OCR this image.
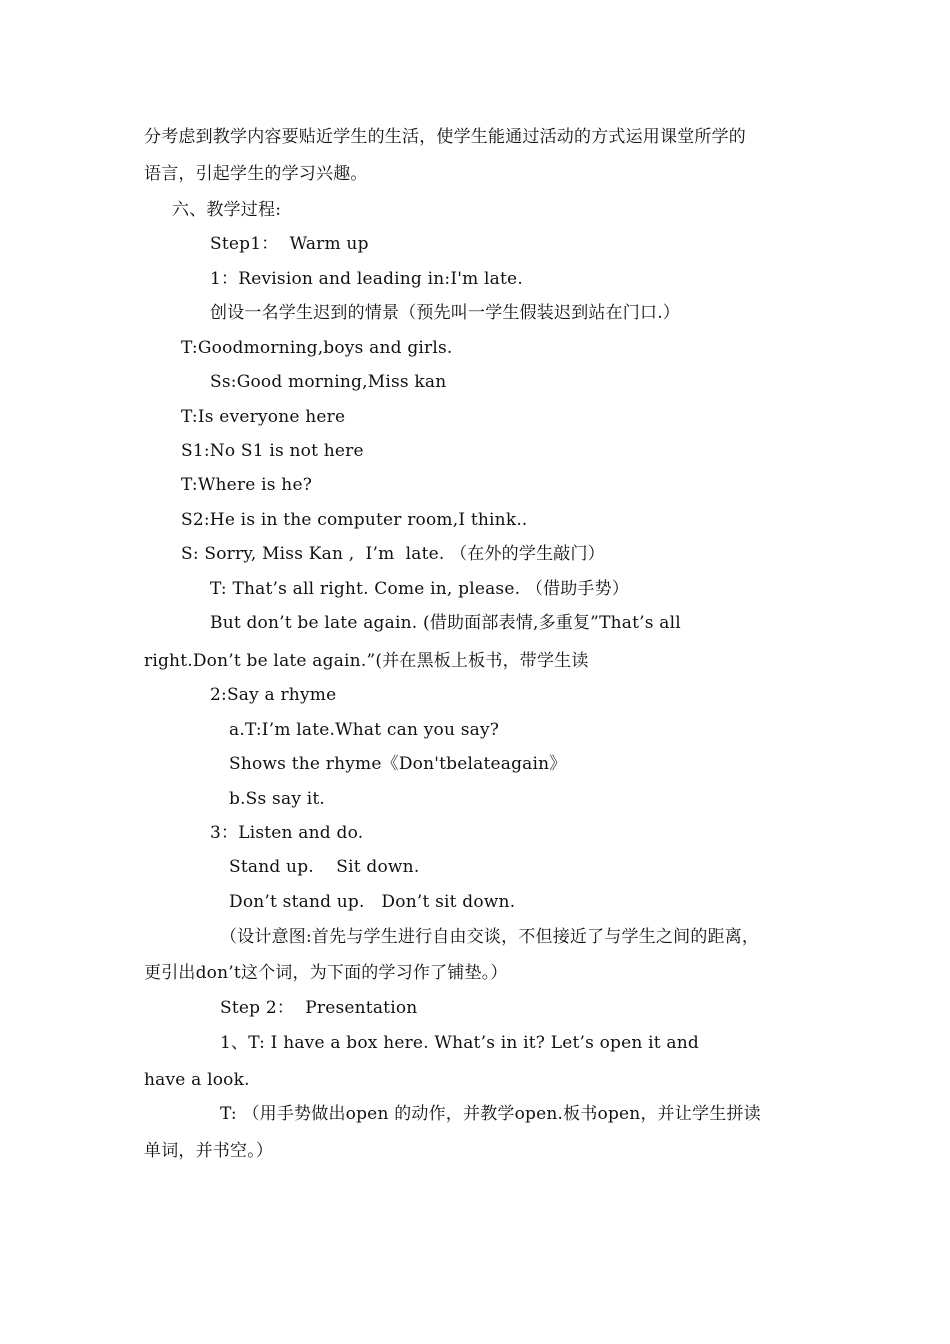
分考虑到教学内容要贴近学生的生活，使学生能通过活动的方式运用课堂所学的
语言，引起学生的学习兴趣。
六、教学过程:
Step1：  Warm up
1：Revision and leading in:I'm late.
创设一名学生迟到的情景（预先叫一学生假装迟到站在门口.）
T:Goodmorning,boys and girls.
Ss:Good morning,Miss kan
T:Is everyone here
S1:No S1 is not here
T:Where is he?
S2:He is in the computer room,I think..
S: Sorry, Miss Kan ,  I’m  late. （在外的学生敲门）
T: That’s all right. Come in, please. （借助手势）
But don’t be late again. (借助面部表情,多重复”That’s all
right.Don’t be late again.”(并在黑板上板书，带学生读
2:Say a rhyme
a.T:I’m late.What can you say?
Shows the rhyme《Don'tbelateagain》
b.Ss say it.
3：Listen and do.
Stand up.    Sit down.
Don’t stand up.   Don’t sit down.
（设计意图:首先与学生进行自由交谈，不但接近了与学生之间的距离，
更引出don’t这个词，为下面的学习作了铺垫。）
Step 2：  Presentation
1、T: I have a box here. What’s in it? Let’s open it and
have a look.
T: （用手势做出open 的动作，并教学open.板书open，并让学生拼读
单词，并书空。）
